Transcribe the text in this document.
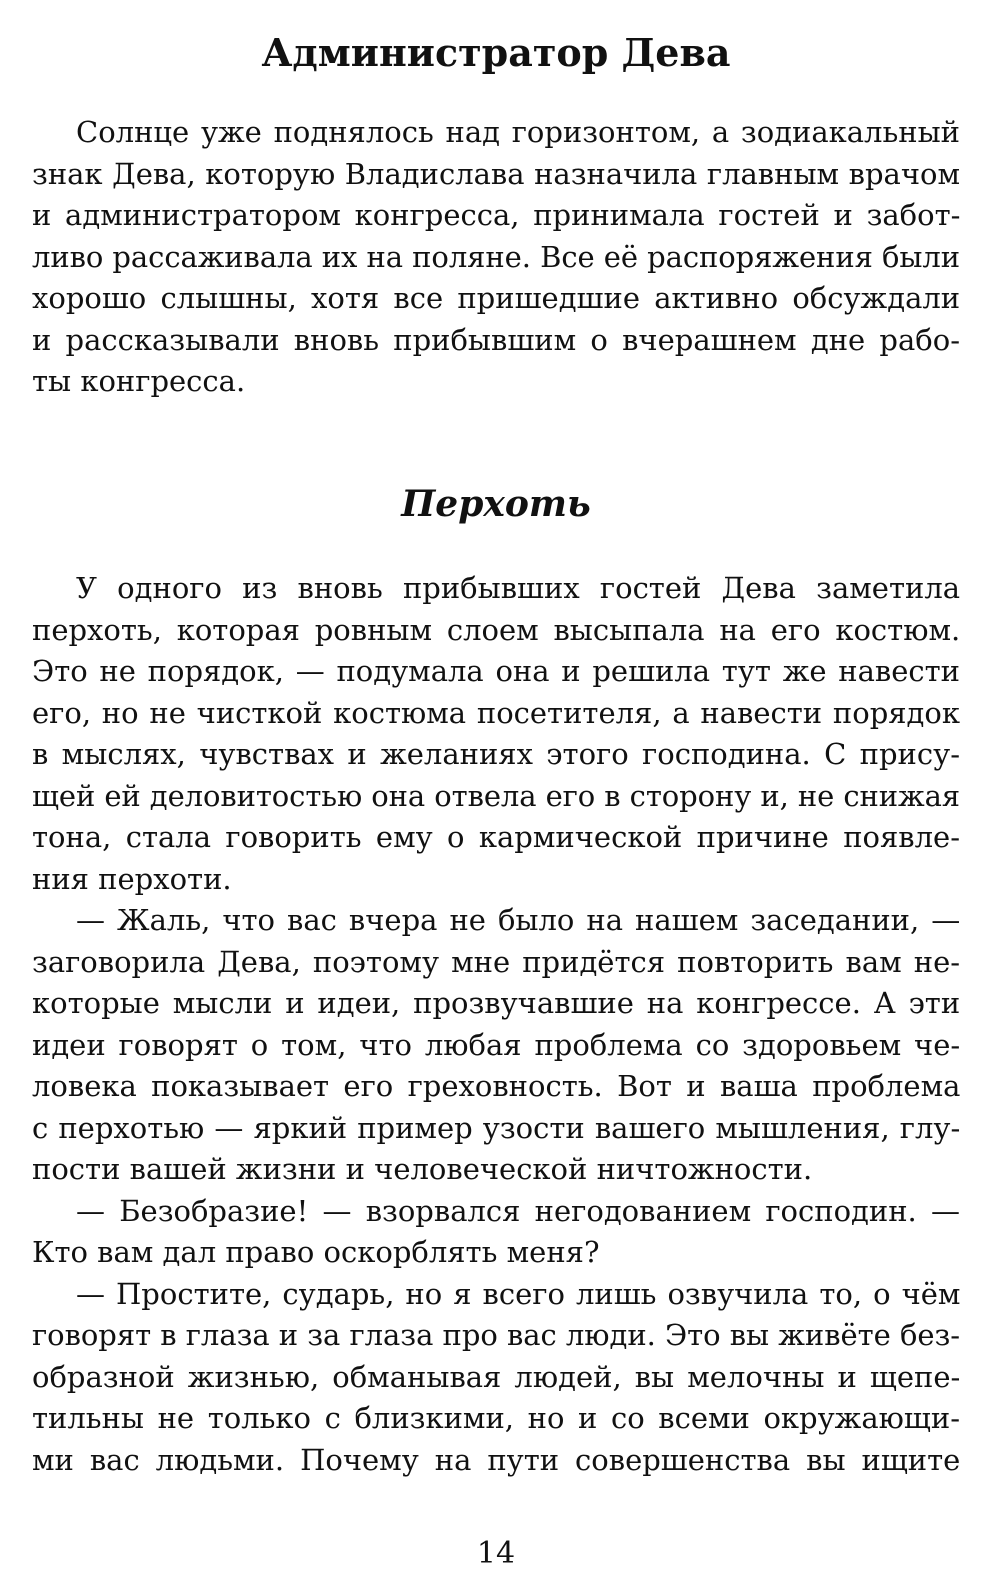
Администратор Дева
Солнце уже поднялось над горизонтом, а зодиакальный
знак Дева, которую Владислава назначила главным врачом
и администратором конгресса, принимала гостей и забот-
ливо рассаживала их на поляне. Все её распоряжения были
хорошо слышны, хотя все пришедшие активно обсуждали
и рассказывали вновь прибывшим о вчерашнем дне рабо-
ты конгресса.
Перхоть
У одного из вновь прибывших гостей Дева заметила
перхоть, которая ровным слоем высыпала на его костюм.
Это не порядок, — подумала она и решила тут же навести
его, но не чисткой костюма посетителя, а навести порядок
в мыслях, чувствах и желаниях этого господина. С прису-
щей ей деловитостью она отвела его в сторону и, не снижая
тона, стала говорить ему о кармической причине появле-
ния перхоти.
— Жаль, что вас вчера не было на нашем заседании, —
заговорила Дева, поэтому мне придётся повторить вам не-
которые мысли и идеи, прозвучавшие на конгрессе. А эти
идеи говорят о том, что любая проблема со здоровьем че-
ловека показывает его греховность. Вот и ваша проблема
с перхотью — яркий пример узости вашего мышления, глу-
пости вашей жизни и человеческой ничтожности.
— Безобразие! — взорвался негодованием господин. —
Кто вам дал право оскорблять меня?
— Простите, сударь, но я всего лишь озвучила то, о чём
говорят в глаза и за глаза про вас люди. Это вы живёте без-
образной жизнью, обманывая людей, вы мелочны и щепе-
тильны не только с близкими, но и со всеми окружающи-
ми вас людьми. Почему на пути совершенства вы ищите
14
